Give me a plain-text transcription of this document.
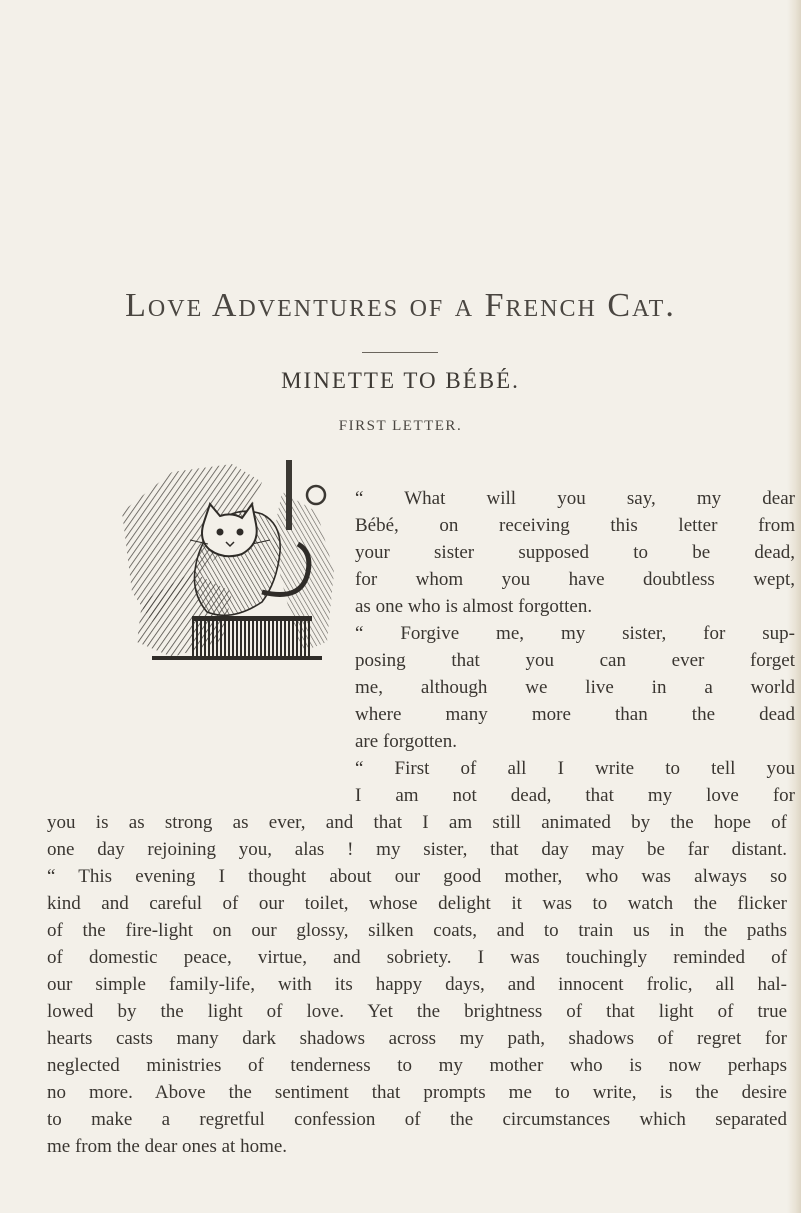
Love Adventures of a French Cat.
MINETTE TO BÉBÉ.
FIRST LETTER.
“ What will you say, my dear
Bébé, on receiving this letter from
your sister supposed to be dead,
for whom you have doubtless wept,
as one who is almost forgotten.
“ Forgive me, my sister, for sup-
posing that you can ever forget
me, although we live in a world
where many more than the dead
are forgotten.
“ First of all I write to tell you
I am not dead, that my love for
you is as strong as ever, and that I am still animated by the hope of
one day rejoining you, alas ! my sister, that day may be far distant.
“ This evening I thought about our good mother, who was always so
kind and careful of our toilet, whose delight it was to watch the flicker
of the fire-light on our glossy, silken coats, and to train us in the paths
of domestic peace, virtue, and sobriety. I was touchingly reminded of
our simple family-life, with its happy days, and innocent frolic, all hal-
lowed by the light of love. Yet the brightness of that light of true
hearts casts many dark shadows across my path, shadows of regret for
neglected ministries of tenderness to my mother who is now perhaps
no more. Above the sentiment that prompts me to write, is the desire
to make a regretful confession of the circumstances which separated
me from the dear ones at home.
